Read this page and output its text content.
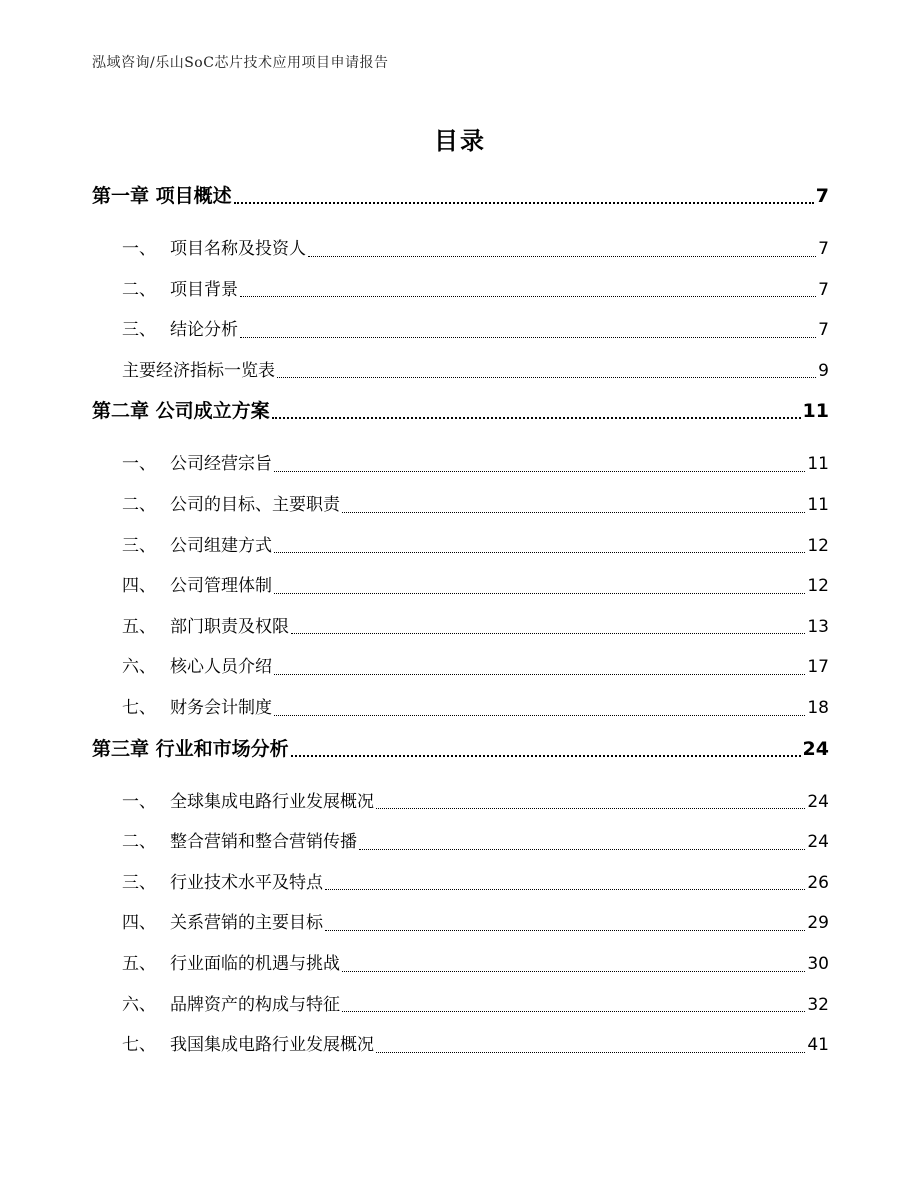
泓域咨询/乐山SoC芯片技术应用项目申请报告
目录
第一章 项目概述	7
一、 项目名称及投资人	7
二、 项目背景	7
三、 结论分析	7
主要经济指标一览表	9
第二章 公司成立方案	11
一、 公司经营宗旨	11
二、 公司的目标、主要职责	11
三、 公司组建方式	12
四、 公司管理体制	12
五、 部门职责及权限	13
六、 核心人员介绍	17
七、 财务会计制度	18
第三章 行业和市场分析	24
一、 全球集成电路行业发展概况	24
二、 整合营销和整合营销传播	24
三、 行业技术水平及特点	26
四、 关系营销的主要目标	29
五、 行业面临的机遇与挑战	30
六、 品牌资产的构成与特征	32
七、 我国集成电路行业发展概况	41
